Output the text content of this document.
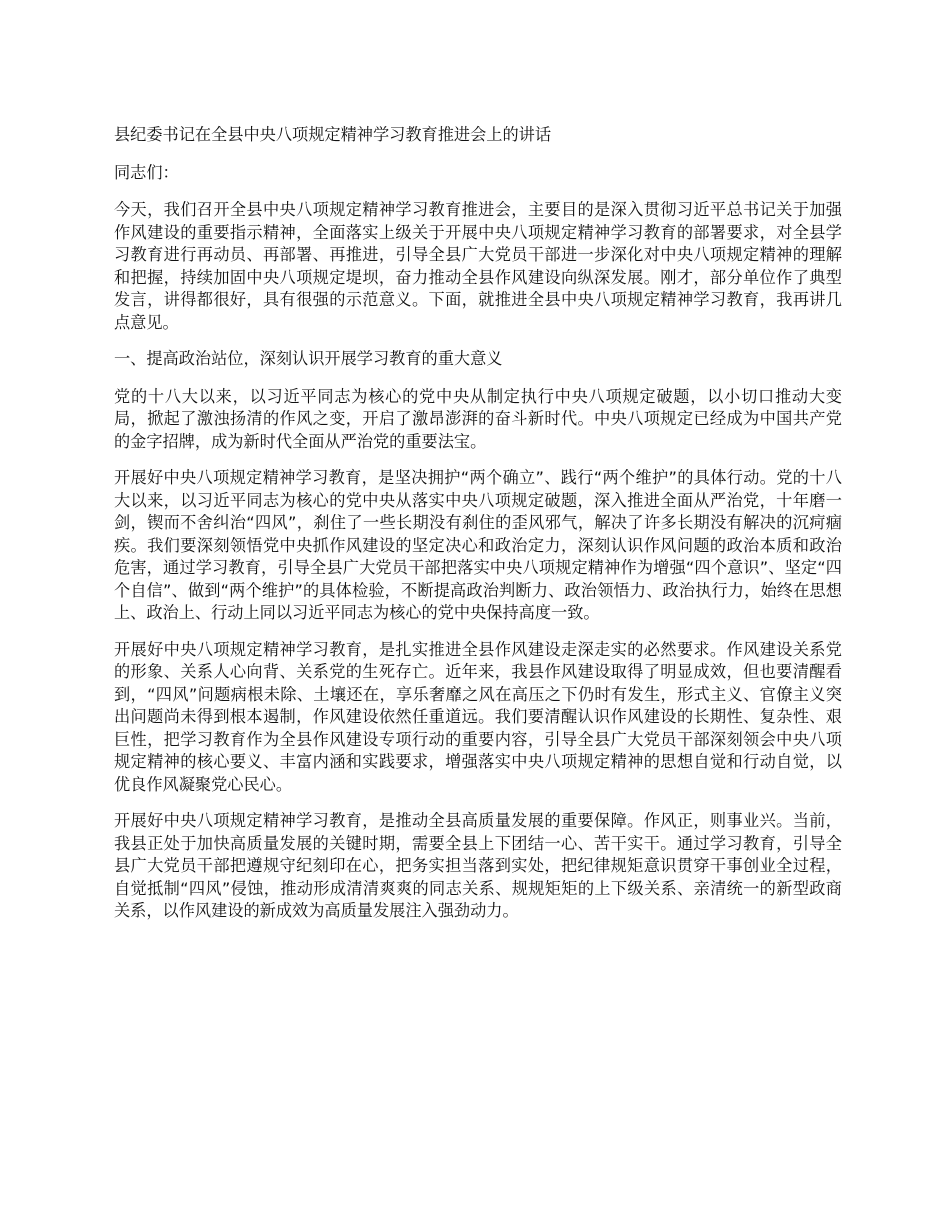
县纪委书记在全县中央八项规定精神学习教育推进会上的讲话

同志们：

今天，我们召开全县中央八项规定精神学习教育推进会，主要目的是深入贯彻习近平总书记关于加强作风建设的重要指示精神，全面落实上级关于开展中央八项规定精神学习教育的部署要求，对全县学习教育进行再动员、再部署、再推进，引导全县广大党员干部进一步深化对中央八项规定精神的理解和把握，持续加固中央八项规定堤坝，奋力推动全县作风建设向纵深发展。刚才，部分单位作了典型发言，讲得都很好，具有很强的示范意义。下面，就推进全县中央八项规定精神学习教育，我再讲几点意见。

一、提高政治站位，深刻认识开展学习教育的重大意义

党的十八大以来，以习近平同志为核心的党中央从制定执行中央八项规定破题，以小切口推动大变局，掀起了激浊扬清的作风之变，开启了激昂澎湃的奋斗新时代。中央八项规定已经成为中国共产党的金字招牌，成为新时代全面从严治党的重要法宝。

开展好中央八项规定精神学习教育，是坚决拥护“两个确立”、践行“两个维护”的具体行动。党的十八大以来，以习近平同志为核心的党中央从落实中央八项规定破题，深入推进全面从严治党，十年磨一剑，锲而不舍纠治“四风”，刹住了一些长期没有刹住的歪风邪气，解决了许多长期没有解决的沉疴痼疾。我们要深刻领悟党中央抓作风建设的坚定决心和政治定力，深刻认识作风问题的政治本质和政治危害，通过学习教育，引导全县广大党员干部把落实中央八项规定精神作为增强“四个意识”、坚定“四个自信”、做到“两个维护”的具体检验，不断提高政治判断力、政治领悟力、政治执行力，始终在思想上、政治上、行动上同以习近平同志为核心的党中央保持高度一致。

开展好中央八项规定精神学习教育，是扎实推进全县作风建设走深走实的必然要求。作风建设关系党的形象、关系人心向背、关系党的生死存亡。近年来，我县作风建设取得了明显成效，但也要清醒看到，“四风”问题病根未除、土壤还在，享乐奢靡之风在高压之下仍时有发生，形式主义、官僚主义突出问题尚未得到根本遏制，作风建设依然任重道远。我们要清醒认识作风建设的长期性、复杂性、艰巨性，把学习教育作为全县作风建设专项行动的重要内容，引导全县广大党员干部深刻领会中央八项规定精神的核心要义、丰富内涵和实践要求，增强落实中央八项规定精神的思想自觉和行动自觉，以优良作风凝聚党心民心。

开展好中央八项规定精神学习教育，是推动全县高质量发展的重要保障。作风正，则事业兴。当前，我县正处于加快高质量发展的关键时期，需要全县上下团结一心、苦干实干。通过学习教育，引导全县广大党员干部把遵规守纪刻印在心，把务实担当落到实处，把纪律规矩意识贯穿干事创业全过程，自觉抵制“四风”侵蚀，推动形成清清爽爽的同志关系、规规矩矩的上下级关系、亲清统一的新型政商关系，以作风建设的新成效为高质量发展注入强劲动力。
